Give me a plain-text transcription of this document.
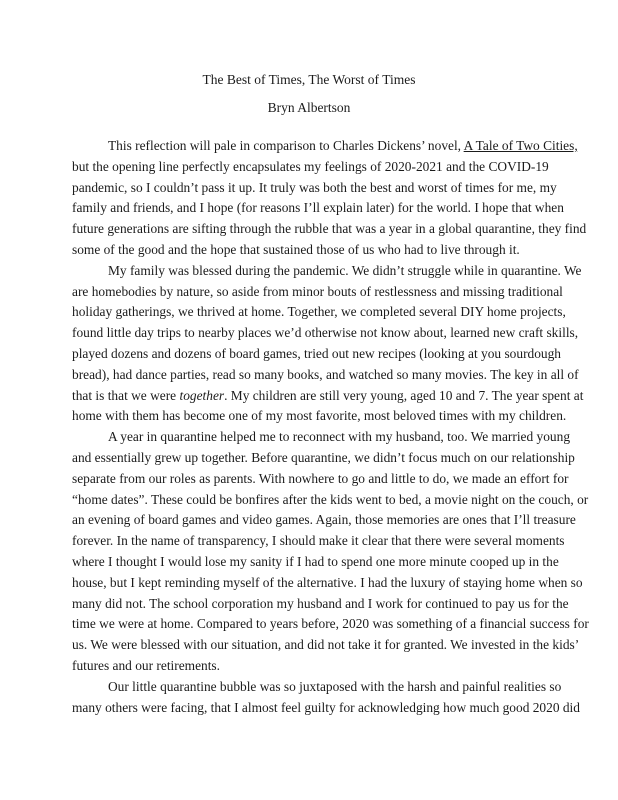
The Best of Times, The Worst of Times
Bryn Albertson
This reflection will pale in comparison to Charles Dickens’ novel, A Tale of Two Cities,
but the opening line perfectly encapsulates my feelings of 2020-2021 and the COVID-19
pandemic, so I couldn’t pass it up. It truly was both the best and worst of times for me, my
family and friends, and I hope (for reasons I’ll explain later) for the world. I hope that when
future generations are sifting through the rubble that was a year in a global quarantine, they find
some of the good and the hope that sustained those of us who had to live through it.
My family was blessed during the pandemic. We didn’t struggle while in quarantine. We
are homebodies by nature, so aside from minor bouts of restlessness and missing traditional
holiday gatherings, we thrived at home. Together, we completed several DIY home projects,
found little day trips to nearby places we’d otherwise not know about, learned new craft skills,
played dozens and dozens of board games, tried out new recipes (looking at you sourdough
bread), had dance parties, read so many books, and watched so many movies. The key in all of
that is that we were together. My children are still very young, aged 10 and 7. The year spent at
home with them has become one of my most favorite, most beloved times with my children.
A year in quarantine helped me to reconnect with my husband, too. We married young
and essentially grew up together. Before quarantine, we didn’t focus much on our relationship
separate from our roles as parents. With nowhere to go and little to do, we made an effort for
“home dates”. These could be bonfires after the kids went to bed, a movie night on the couch, or
an evening of board games and video games. Again, those memories are ones that I’ll treasure
forever. In the name of transparency, I should make it clear that there were several moments
where I thought I would lose my sanity if I had to spend one more minute cooped up in the
house, but I kept reminding myself of the alternative. I had the luxury of staying home when so
many did not. The school corporation my husband and I work for continued to pay us for the
time we were at home. Compared to years before, 2020 was something of a financial success for
us. We were blessed with our situation, and did not take it for granted. We invested in the kids’
futures and our retirements.
Our little quarantine bubble was so juxtaposed with the harsh and painful realities so
many others were facing, that I almost feel guilty for acknowledging how much good 2020 did
